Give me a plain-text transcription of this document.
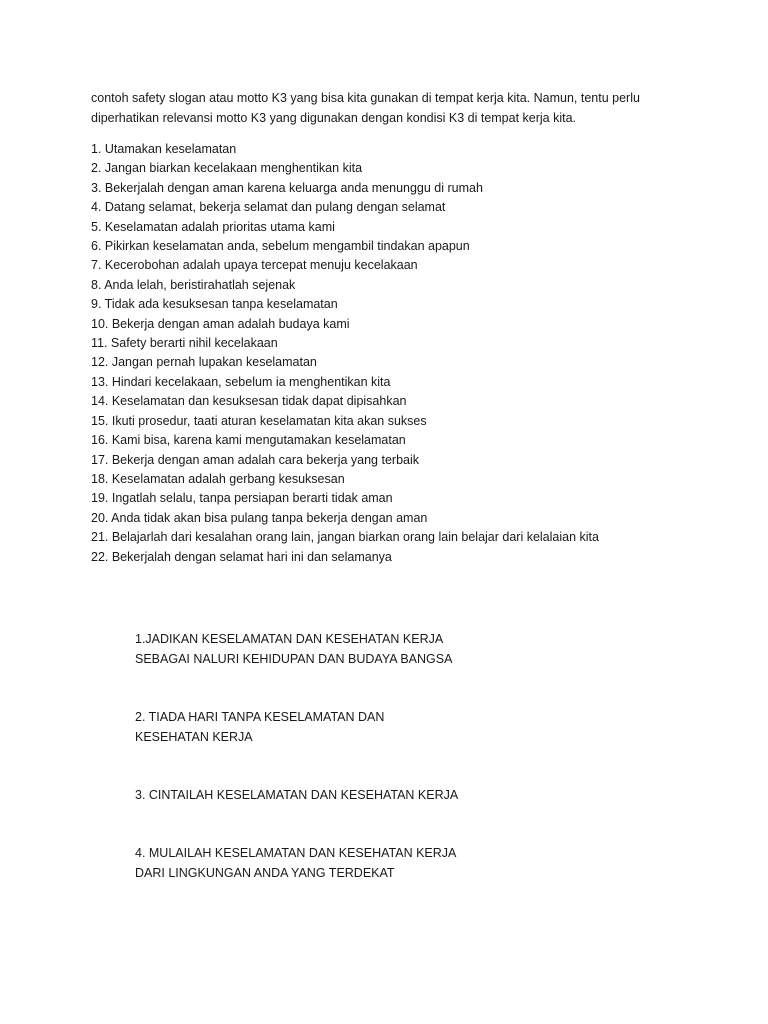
contoh safety slogan atau motto K3 yang bisa kita gunakan di tempat kerja kita. Namun, tentu perlu
diperhatikan relevansi motto K3 yang digunakan dengan kondisi K3 di tempat kerja kita.

1. Utamakan keselamatan
2. Jangan biarkan kecelakaan menghentikan kita
3. Bekerjalah dengan aman karena keluarga anda menunggu di rumah
4. Datang selamat, bekerja selamat dan pulang dengan selamat
5. Keselamatan adalah prioritas utama kami
6. Pikirkan keselamatan anda, sebelum mengambil tindakan apapun
7. Kecerobohan adalah upaya tercepat menuju kecelakaan
8. Anda lelah, beristirahatlah sejenak
9. Tidak ada kesuksesan tanpa keselamatan
10. Bekerja dengan aman adalah budaya kami
11. Safety berarti nihil kecelakaan
12. Jangan pernah lupakan keselamatan
13. Hindari kecelakaan, sebelum ia menghentikan kita
14. Keselamatan dan kesuksesan tidak dapat dipisahkan
15. Ikuti prosedur, taati aturan keselamatan kita akan sukses
16. Kami bisa, karena kami mengutamakan keselamatan
17. Bekerja dengan aman adalah cara bekerja yang terbaik
18. Keselamatan adalah gerbang kesuksesan
19. Ingatlah selalu, tanpa persiapan berarti tidak aman
20. Anda tidak akan bisa pulang tanpa bekerja dengan aman
21. Belajarlah dari kesalahan orang lain, jangan biarkan orang lain belajar dari kelalaian kita
22. Bekerjalah dengan selamat hari ini dan selamanya

1.JADIKAN KESELAMATAN DAN KESEHATAN KERJA
SEBAGAI NALURI KEHIDUPAN DAN BUDAYA BANGSA

2. TIADA HARI TANPA KESELAMATAN DAN
KESEHATAN KERJA

3. CINTAILAH KESELAMATAN DAN KESEHATAN KERJA

4. MULAILAH KESELAMATAN DAN KESEHATAN KERJA
DARI LINGKUNGAN ANDA YANG TERDEKAT
